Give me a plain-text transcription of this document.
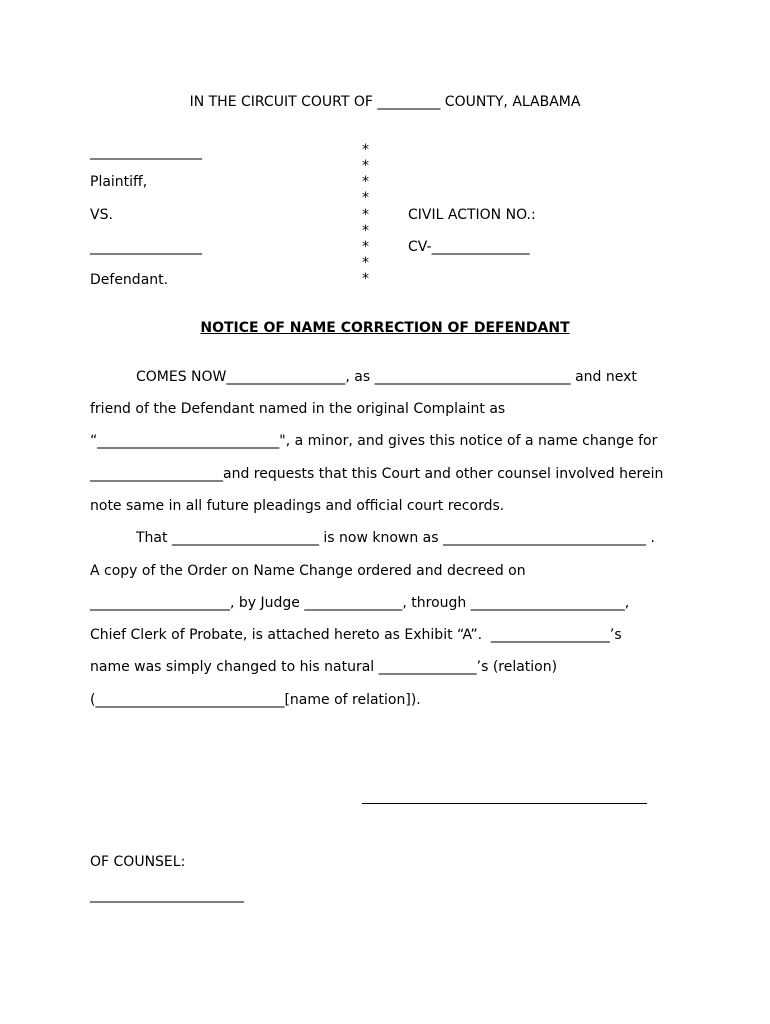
IN THE CIRCUIT COURT OF _________ COUNTY, ALABAMA
________________
Plaintiff,
VS.
________________
Defendant.
*
*
*
*
*
*
*
*
*
CIVIL ACTION NO.:
CV-______________
NOTICE OF NAME CORRECTION OF DEFENDANT
COMES NOW_________________, as ____________________________ and next
friend of the Defendant named in the original Complaint as
“__________________________", a minor, and gives this notice of a name change for
___________________and requests that this Court and other counsel involved herein
note same in all future pleadings and official court records.
That _____________________ is now known as _____________________________ .
A copy of the Order on Name Change ordered and decreed on
____________________, by Judge ______________, through ______________________,
Chief Clerk of Probate, is attached hereto as Exhibit “A”.  _________________’s
name was simply changed to his natural ______________’s (relation)
(___________________________[name of relation]).
OF COUNSEL:
______________________
